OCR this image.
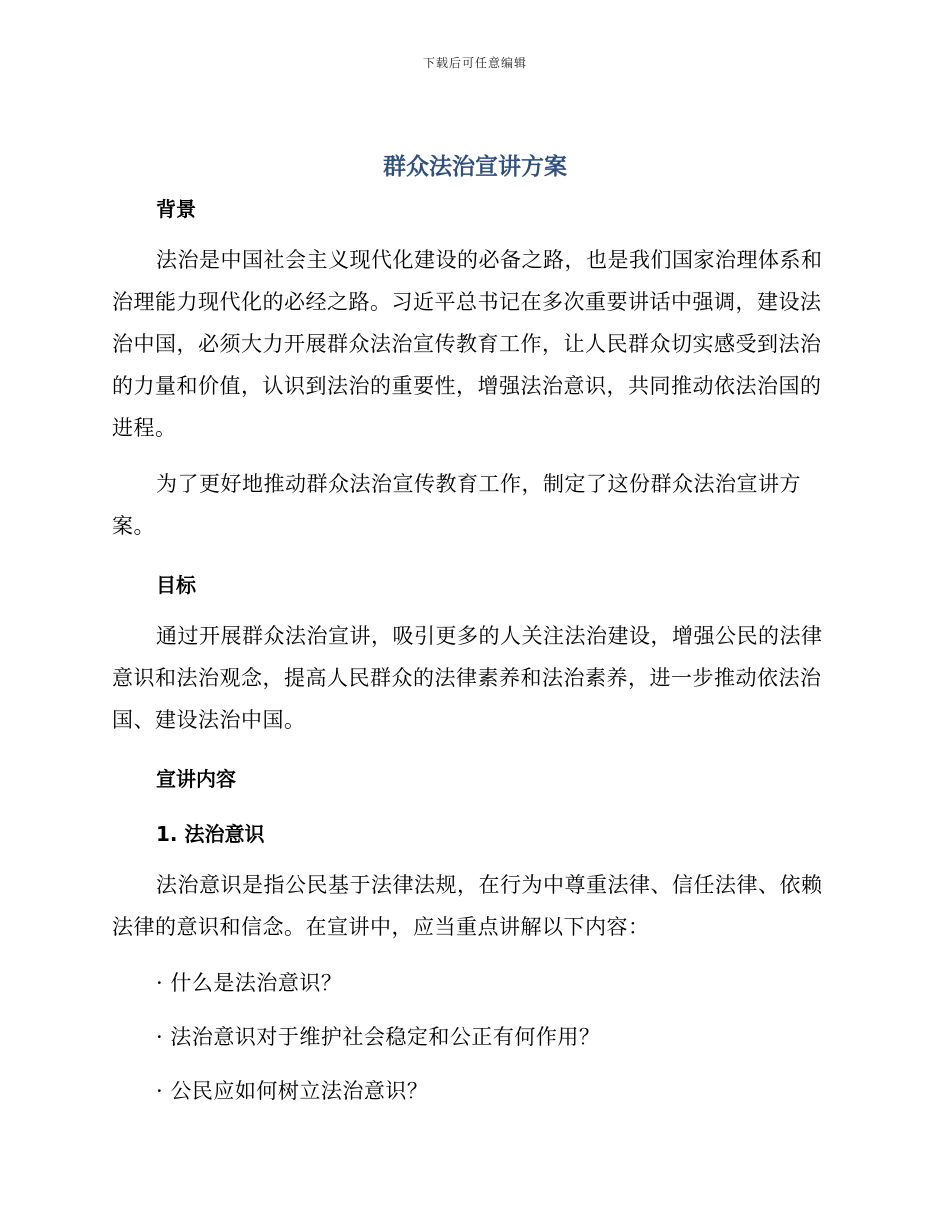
下载后可任意编辑
群众法治宣讲方案
背景

法治是中国社会主义现代化建设的必备之路，也是我们国家治理体系和治理能力现代化的必经之路。习近平总书记在多次重要讲话中强调，建设法治中国，必须大力开展群众法治宣传教育工作，让人民群众切实感受到法治的力量和价值，认识到法治的重要性，增强法治意识，共同推动依法治国的进程。

为了更好地推动群众法治宣传教育工作，制定了这份群众法治宣讲方案。

目标

通过开展群众法治宣讲，吸引更多的人关注法治建设，增强公民的法律意识和法治观念，提高人民群众的法律素养和法治素养，进一步推动依法治国、建设法治中国。

宣讲内容
1. 法治意识

法治意识是指公民基于法律法规，在行为中尊重法律、信任法律、依赖法律的意识和信念。在宣讲中，应当重点讲解以下内容：

· 什么是法治意识？
· 法治意识对于维护社会稳定和公正有何作用？
· 公民应如何树立法治意识？
